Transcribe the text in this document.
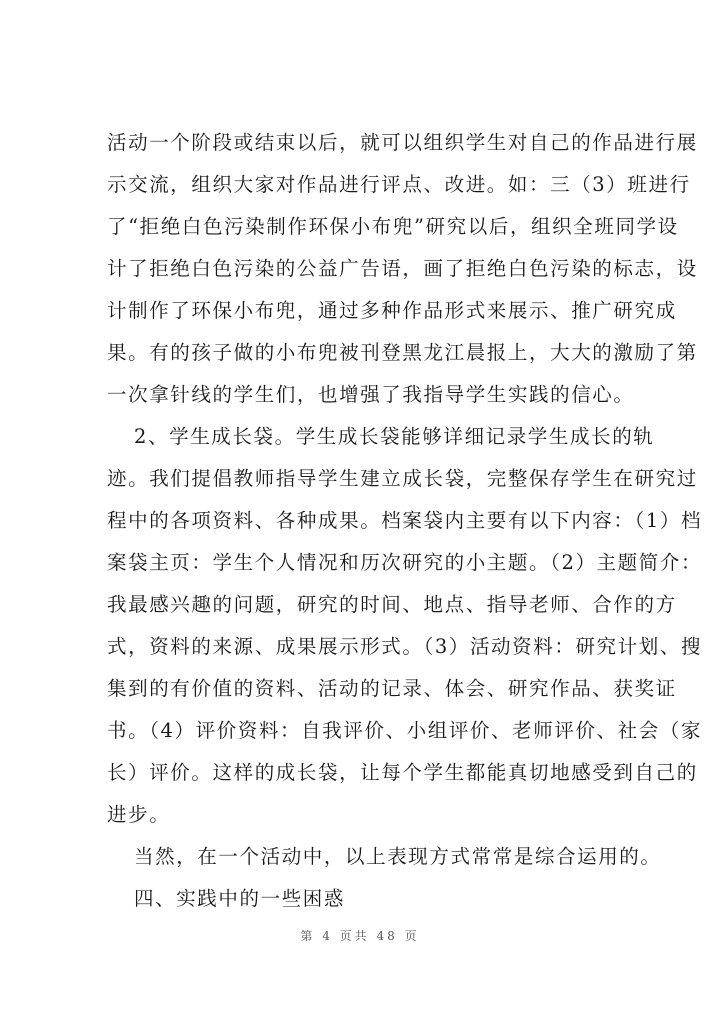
活动一个阶段或结束以后，就可以组织学生对自己的作品进行展
示交流，组织大家对作品进行评点、改进。如：三（3）班进行
了“拒绝白色污染制作环保小布兜”研究以后，组织全班同学设
计了拒绝白色污染的公益广告语，画了拒绝白色污染的标志，设
计制作了环保小布兜，通过多种作品形式来展示、推广研究成
果。有的孩子做的小布兜被刊登黑龙江晨报上，大大的激励了第
一次拿针线的学生们，也增强了我指导学生实践的信心。
2、学生成长袋。学生成长袋能够详细记录学生成长的轨
迹。我们提倡教师指导学生建立成长袋，完整保存学生在研究过
程中的各项资料、各种成果。档案袋内主要有以下内容：（1）档
案袋主页：学生个人情况和历次研究的小主题。（2）主题简介：
我最感兴趣的问题，研究的时间、地点、指导老师、合作的方
式，资料的来源、成果展示形式。（3）活动资料：研究计划、搜
集到的有价值的资料、活动的记录、体会、研究作品、获奖证
书。（4）评价资料：自我评价、小组评价、老师评价、社会（家
长）评价。这样的成长袋，让每个学生都能真切地感受到自己的
进步。
当然，在一个活动中，以上表现方式常常是综合运用的。
四、实践中的一些困惑
第 4 页共 48 页
